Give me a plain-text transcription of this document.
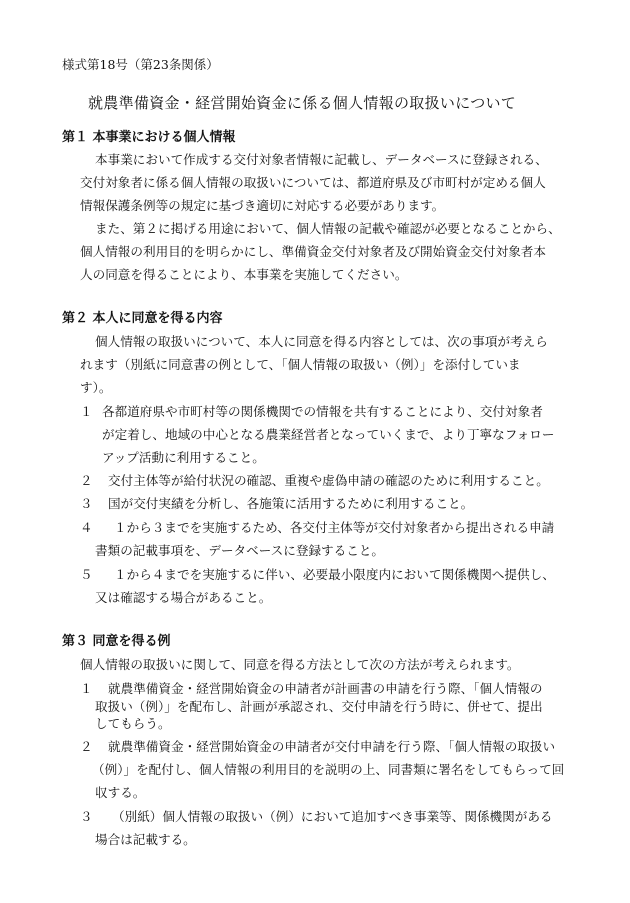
様式第18号（第23条関係）
就農準備資金・経営開始資金に係る個人情報の取扱いについて
第１ 本事業における個人情報
本事業において作成する交付対象者情報に記載し、データベースに登録される、
交付対象者に係る個人情報の取扱いについては、都道府県及び市町村が定める個人
情報保護条例等の規定に基づき適切に対応する必要があります。
また、第２に掲げる用途において、個人情報の記載や確認が必要となることから、
個人情報の利用目的を明らかにし、準備資金交付対象者及び開始資金交付対象者本
人の同意を得ることにより、本事業を実施してください。
第２ 本人に同意を得る内容
個人情報の取扱いについて、本人に同意を得る内容としては、次の事項が考えら
れます（別紙に同意書の例として、「個人情報の取扱い（例）」を添付していま
す）。
１ 各都道府県や市町村等の関係機関での情報を共有することにより、交付対象者
が定着し、地域の中心となる農業経営者となっていくまで、より丁寧なフォロー
アップ活動に利用すること。
２ 交付主体等が給付状況の確認、重複や虚偽申請の確認のために利用すること。
３ 国が交付実績を分析し、各施策に活用するために利用すること。
４ １から３までを実施するため、各交付主体等が交付対象者から提出される申請
書類の記載事項を、データベースに登録すること。
５ １から４までを実施するに伴い、必要最小限度内において関係機関へ提供し、
又は確認する場合があること。
第３ 同意を得る例
個人情報の取扱いに関して、同意を得る方法として次の方法が考えられます。
１ 就農準備資金・経営開始資金の申請者が計画書の申請を行う際、「個人情報の
取扱い（例）」を配布し、計画が承認され、交付申請を行う時に、併せて、提出
してもらう。
２ 就農準備資金・経営開始資金の申請者が交付申請を行う際、「個人情報の取扱い
（例）」を配付し、個人情報の利用目的を説明の上、同書類に署名をしてもらって回
収する。
３ （別紙）個人情報の取扱い（例）において追加すべき事業等、関係機関がある
場合は記載する。
